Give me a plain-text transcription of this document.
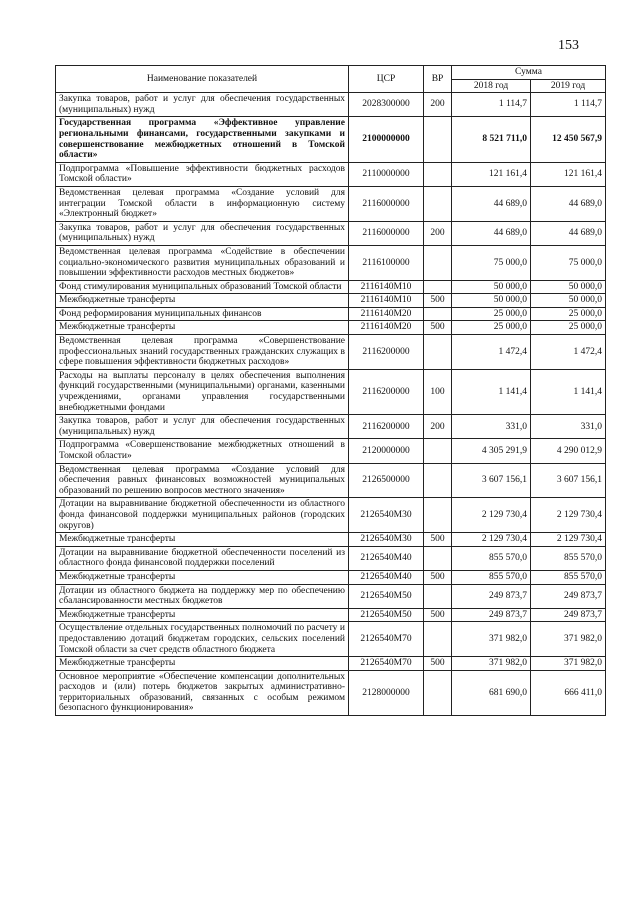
153
Наименование показателей	ЦСР	ВР	Сумма	
			2018 год	2019 год
Закупка товаров, работ и услуг для обеспечения государственных (муниципальных) нужд	2028300000	200	1 114,7	1 114,7
Государственная программа «Эффективное управление региональными финансами, государственными закупками и совершенствование межбюджетных отношений в Томской области»	2100000000		8 521 711,0	12 450 567,9
Подпрограмма «Повышение эффективности бюджетных расходов Томской области»	2110000000		121 161,4	121 161,4
Ведомственная целевая программа «Создание условий для интеграции Томской области в информационную систему «Электронный бюджет»	2116000000		44 689,0	44 689,0
Закупка товаров, работ и услуг для обеспечения государственных (муниципальных) нужд	2116000000	200	44 689,0	44 689,0
Ведомственная целевая программа «Содействие в обеспечении социально-экономического развития муниципальных образований и повышении эффективности расходов местных бюджетов»	2116100000		75 000,0	75 000,0
Фонд стимулирования муниципальных образований Томской области	2116140M10		50 000,0	50 000,0
Межбюджетные трансферты	2116140M10	500	50 000,0	50 000,0
Фонд реформирования муниципальных финансов	2116140M20		25 000,0	25 000,0
Межбюджетные трансферты	2116140M20	500	25 000,0	25 000,0
Ведомственная целевая программа «Совершенствование профессиональных знаний государственных гражданских служащих в сфере повышения эффективности бюджетных расходов»	2116200000		1 472,4	1 472,4
Расходы на выплаты персоналу в целях обеспечения выполнения функций государственными (муниципальными) органами, казенными учреждениями, органами управления государственными внебюджетными фондами	2116200000	100	1 141,4	1 141,4
Закупка товаров, работ и услуг для обеспечения государственных (муниципальных) нужд	2116200000	200	331,0	331,0
Подпрограмма «Совершенствование межбюджетных отношений в Томской области»	2120000000		4 305 291,9	4 290 012,9
Ведомственная целевая программа «Создание условий для обеспечения равных финансовых возможностей муниципальных образований по решению вопросов местного значения»	2126500000		3 607 156,1	3 607 156,1
Дотации на выравнивание бюджетной обеспеченности из областного фонда финансовой поддержки муниципальных районов (городских округов)	2126540M30		2 129 730,4	2 129 730,4
Межбюджетные трансферты	2126540M30	500	2 129 730,4	2 129 730,4
Дотации на выравнивание бюджетной обеспеченности поселений из областного фонда финансовой поддержки поселений	2126540M40		855 570,0	855 570,0
Межбюджетные трансферты	2126540M40	500	855 570,0	855 570,0
Дотации из областного бюджета на поддержку мер по обеспечению сбалансированности местных бюджетов	2126540M50		249 873,7	249 873,7
Межбюджетные трансферты	2126540M50	500	249 873,7	249 873,7
Осуществление отдельных государственных полномочий по расчету и предоставлению дотаций бюджетам городских, сельских поселений Томской области за счет средств областного бюджета	2126540M70		371 982,0	371 982,0
Межбюджетные трансферты	2126540M70	500	371 982,0	371 982,0
Основное мероприятие «Обеспечение компенсации дополнительных расходов и (или) потерь бюджетов закрытых административно-территориальных образований, связанных с особым режимом безопасного функционирования»	2128000000		681 690,0	666 411,0
